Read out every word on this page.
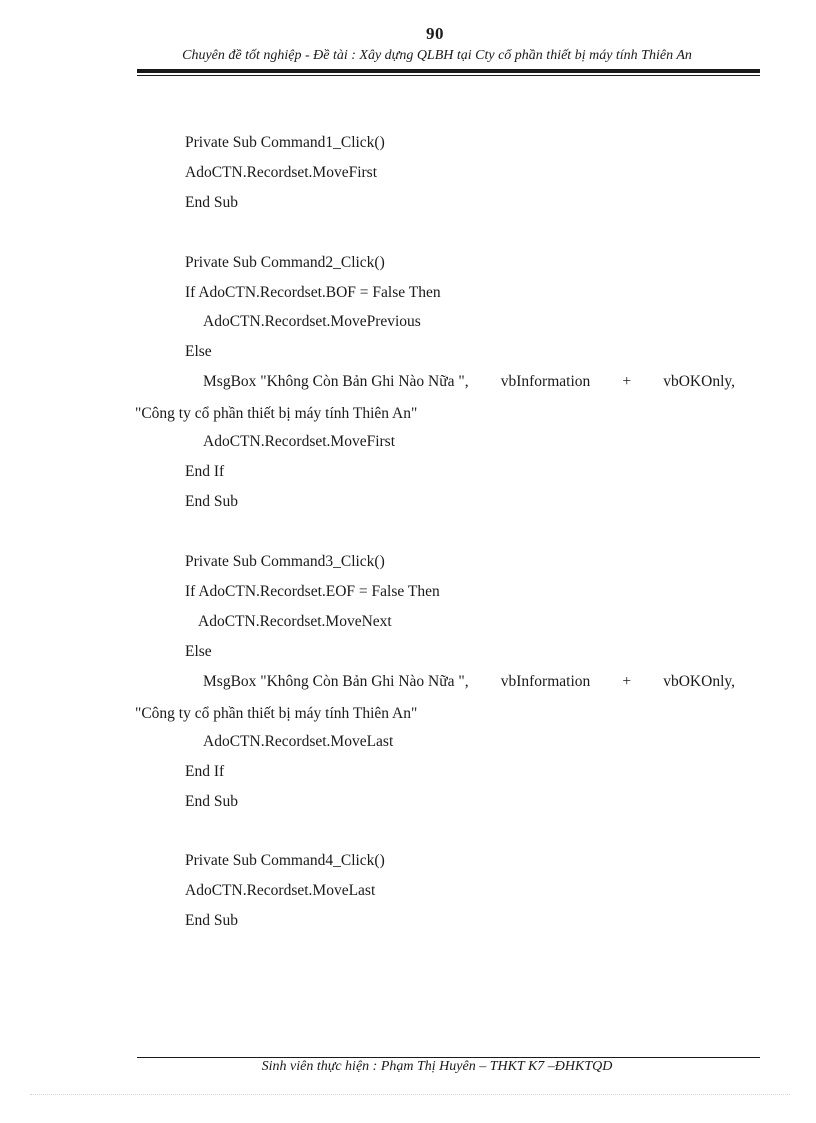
90
Chuyên đề tốt nghiệp - Đề tài : Xây dựng QLBH tại Cty cổ phần thiết bị máy tính Thiên An
Private Sub Command1_Click()
AdoCTN.Recordset.MoveFirst
End Sub
Private Sub Command2_Click()
If AdoCTN.Recordset.BOF = False Then
AdoCTN.Recordset.MovePrevious
Else
MsgBox "Không Còn Bản Ghi Nào Nữa ", vbInformation + vbOKOnly,
"Công ty cổ phần thiết bị máy tính Thiên An"
AdoCTN.Recordset.MoveFirst
End If
End Sub
Private Sub Command3_Click()
If AdoCTN.Recordset.EOF = False Then
AdoCTN.Recordset.MoveNext
Else
MsgBox "Không Còn Bản Ghi Nào Nữa ", vbInformation + vbOKOnly,
"Công ty cổ phần thiết bị máy tính Thiên An"
AdoCTN.Recordset.MoveLast
End If
End Sub
Private Sub Command4_Click()
AdoCTN.Recordset.MoveLast
End Sub
Sinh viên thực hiện : Phạm Thị Huyên – THKT K7 –ĐHKTQD
